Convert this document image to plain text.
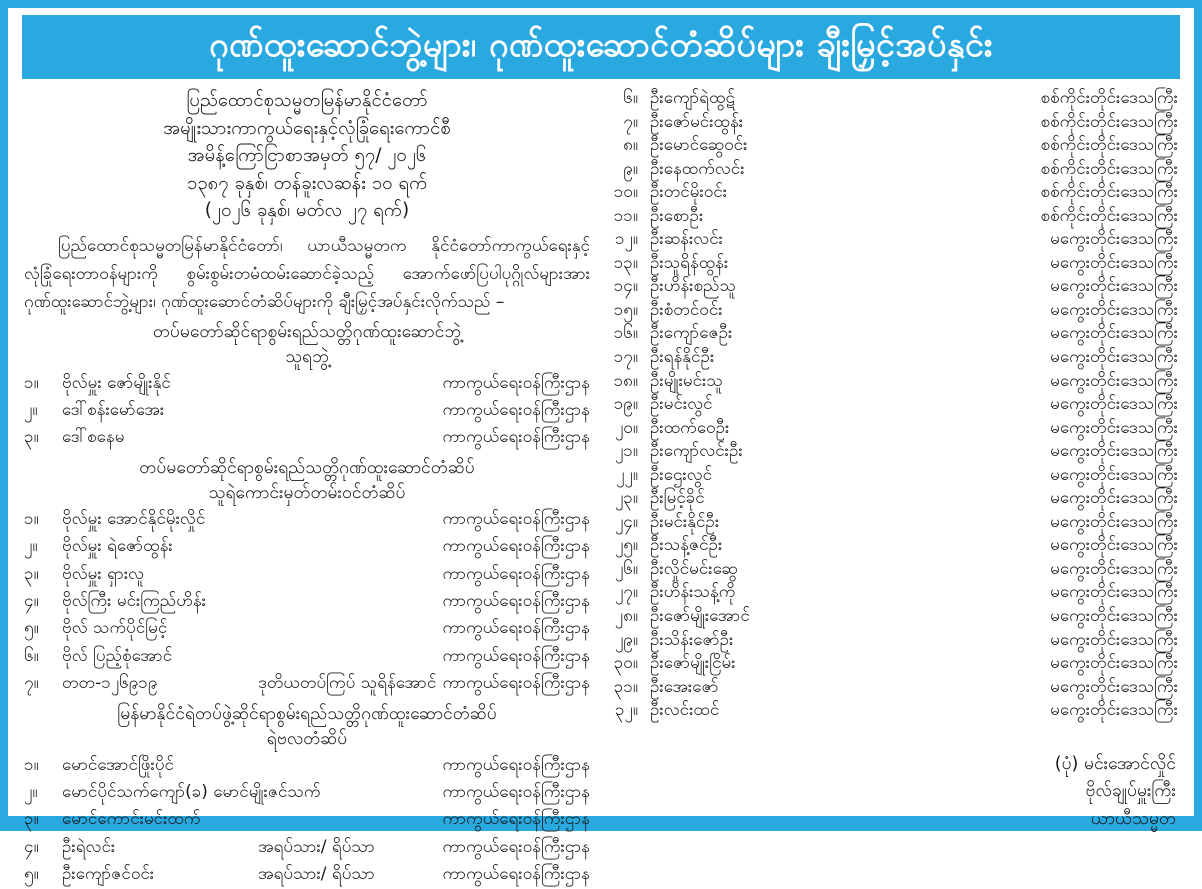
ဂုဏ်ထူးဆောင်ဘွဲ့များ၊ ဂုဏ်ထူးဆောင်တံဆိပ်များ ချီးမြှင့်အပ်နှင်း
ပြည်ထောင်စုသမ္မတမြန်မာနိုင်ငံတော်
အမျိုးသားကာကွယ်ရေးနှင့်လုံခြုံရေးကောင်စီ
အမိန့်ကြော်ငြာစာအမှတ် ၅၇/ ၂၀၂၆
၁၃၈၇ ခုနှစ်၊ တန်ခူးလဆန်း ၁၀ ရက်
(၂၀၂၆ ခုနှစ်၊ မတ်လ ၂၇ ရက်)
ပြည်ထောင်စုသမ္မတမြန်မာနိုင်ငံတော်၊ ယာယီသမ္မတက နိုင်ငံတော်ကာကွယ်ရေးနှင့် လုံခြုံရေးတာဝန်များကို စွမ်းစွမ်းတမံထမ်းဆောင်ခဲ့သည့် အောက်ဖော်ပြပါပုဂ္ဂိုလ်များအား ဂုဏ်ထူးဆောင်ဘွဲ့များ၊ ဂုဏ်ထူးဆောင်တံဆိပ်များကို ချီးမြှင့်အပ်နှင်းလိုက်သည် –
တပ်မတော်ဆိုင်ရာစွမ်းရည်သတ္တိဂုဏ်ထူးဆောင်ဘွဲ့
သူရဘွဲ့
၁။	ဗိုလ်မှူး ဇော်မျိုးနိုင်	ကာကွယ်ရေးဝန်ကြီးဌာန
၂။	ဒေါ်စန်းမော်အေး	ကာကွယ်ရေးဝန်ကြီးဌာန
၃။	ဒေါ်စနေမ	ကာကွယ်ရေးဝန်ကြီးဌာန
တပ်မတော်ဆိုင်ရာစွမ်းရည်သတ္တိဂုဏ်ထူးဆောင်တံဆိပ်
သူရဲကောင်းမှတ်တမ်းဝင်တံဆိပ်
၁။	ဗိုလ်မှူး အောင်နိုင်မိုးလှိုင်	ကာကွယ်ရေးဝန်ကြီးဌာန
၂။	ဗိုလ်မှူး ရဲဇော်ထွန်း	ကာကွယ်ရေးဝန်ကြီးဌာန
၃။	ဗိုလ်မှူး ရှားလူ	ကာကွယ်ရေးဝန်ကြီးဌာန
၄။	ဗိုလ်ကြီး မင်းကြည်ဟိန်း	ကာကွယ်ရေးဝန်ကြီးဌာန
၅။	ဗိုလ် သက်ပိုင်မြင့်	ကာကွယ်ရေးဝန်ကြီးဌာန
၆။	ဗိုလ် ပြည့်စုံအောင်	ကာကွယ်ရေးဝန်ကြီးဌာန
၇။	တတ-၁၂၆၉၁၉	ဒုတိယတပ်ကြပ် သူရိန်အောင် ကာကွယ်ရေးဝန်ကြီးဌာန
မြန်မာနိုင်ငံရဲတပ်ဖွဲ့ဆိုင်ရာစွမ်းရည်သတ္တိဂုဏ်ထူးဆောင်တံဆိပ်
ရဲဗလတံဆိပ်
၁။	မောင်အောင်ဖြိုးပိုင်	ကာကွယ်ရေးဝန်ကြီးဌာန
၂။	မောင်ပိုင်သက်ကျော်(ခ) မောင်မျိုးဇင်သက်	ကာကွယ်ရေးဝန်ကြီးဌာန
၃။	မောင်ကောင်းမင်းထက်	ကာကွယ်ရေးဝန်ကြီးဌာန
၄။	ဦးရဲလင်း	အရပ်သား/ ရိပ်သာ	ကာကွယ်ရေးဝန်ကြီးဌာန
၅။	ဦးကျော်ဇင်ဝင်း	အရပ်သား/ ရိပ်သာ	ကာကွယ်ရေးဝန်ကြီးဌာန
၆။ ဦးကျော်ရဲထွဋ်	စစ်ကိုင်းတိုင်းဒေသကြီး
၇။ ဦးဇော်မင်းထွန်း	စစ်ကိုင်းတိုင်းဒေသကြီး
၈။ ဦးမောင်ဆွေဝင်း	စစ်ကိုင်းတိုင်းဒေသကြီး
၉။ ဦးနေထက်လင်း	စစ်ကိုင်းတိုင်းဒေသကြီး
၁၀။ ဦးတင်မိုးဝင်း	စစ်ကိုင်းတိုင်းဒေသကြီး
၁၁။ ဦးစောဦး	စစ်ကိုင်းတိုင်းဒေသကြီး
၁၂။ ဦးဆန်းလင်း	မကွေးတိုင်းဒေသကြီး
၁၃။ ဦးသူရိန်ထွန်း	မကွေးတိုင်းဒေသကြီး
၁၄။ ဦးဟိန်းစည်သူ	မကွေးတိုင်းဒေသကြီး
၁၅။ ဦးစံတင်ဝင်း	မကွေးတိုင်းဒေသကြီး
၁၆။ ဦးကျော်ဇေဦး	မကွေးတိုင်းဒေသကြီး
၁၇။ ဦးရန်နိုင်ဦး	မကွေးတိုင်းဒေသကြီး
၁၈။ ဦးမျိုးမင်းသူ	မကွေးတိုင်းဒေသကြီး
၁၉။ ဦးမင်းလွင်	မကွေးတိုင်းဒေသကြီး
၂၀။ ဦးထက်ဝေဦး	မကွေးတိုင်းဒေသကြီး
၂၁။ ဦးကျော်လင်းဦး	မကွေးတိုင်းဒေသကြီး
၂၂။ ဦးဌေးလွင်	မကွေးတိုင်းဒေသကြီး
၂၃။ ဦးမြင့်ခိုင်	မကွေးတိုင်းဒေသကြီး
၂၄။ ဦးမင်းနိုင်ဦး	မကွေးတိုင်းဒေသကြီး
၂၅။ ဦးသန့်ဇင်ဦး	မကွေးတိုင်းဒေသကြီး
၂၆။ ဦးလှိုင်မင်းဆွေ	မကွေးတိုင်းဒေသကြီး
၂၇။ ဦးဟိန်းသန့်ကို	မကွေးတိုင်းဒေသကြီး
၂၈။ ဦးဇော်မျိုးအောင်	မကွေးတိုင်းဒေသကြီး
၂၉။ ဦးသိန်းဇော်ဦး	မကွေးတိုင်းဒေသကြီး
၃၀။ ဦးဇော်မျိုးငြိမ်း	မကွေးတိုင်းဒေသကြီး
၃၁။ ဦးအေးဇော်	မကွေးတိုင်းဒေသကြီး
၃၂။ ဦးလင်းထင်	မကွေးတိုင်းဒေသကြီး
(ပုံ) မင်းအောင်လှိုင်
ဗိုလ်ချုပ်မှူးကြီး
ယာယီသမ္မတ
